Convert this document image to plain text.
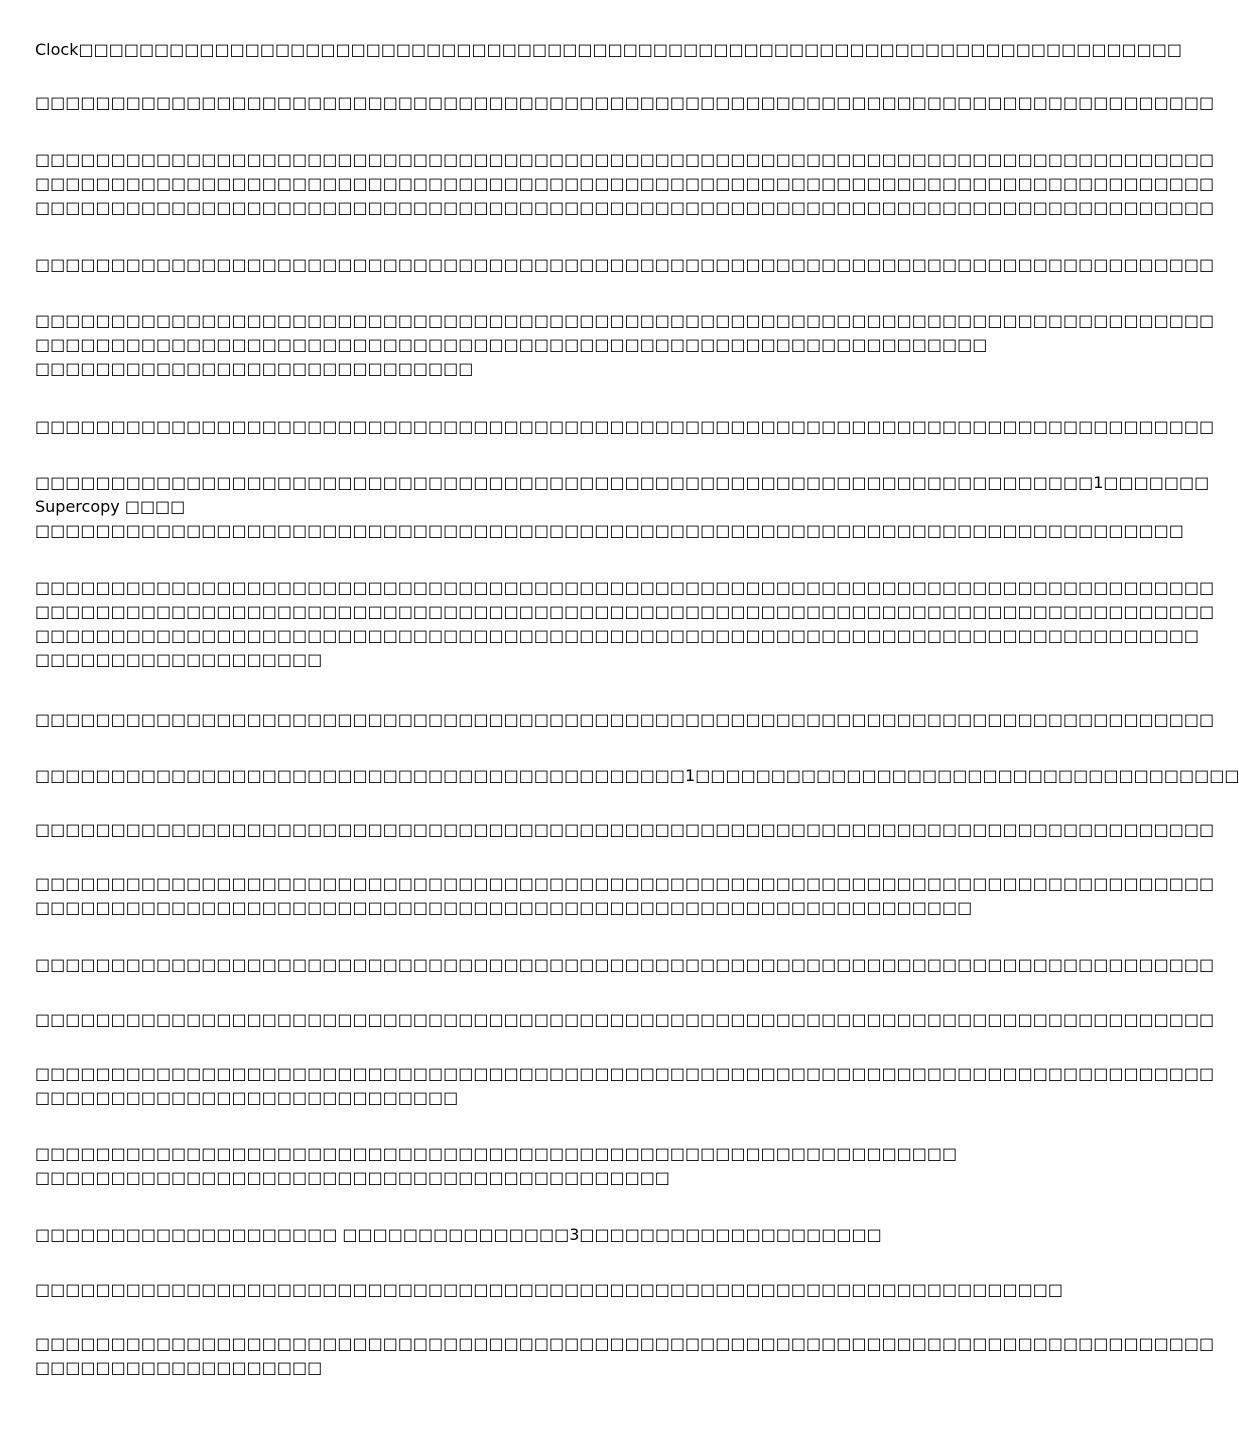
Clock□□□□□□□□□□□□□□□□□□□□□□□□□□□□□□□□□□□□□□□□□□□□□□□□□□□□□□□□□□□□□□□□□□□□□□□□□

□□□□□□□□□□□□□□□□□□□□□□□□□□□□□□□□□□□□□□□□□□□□□□□□□□□□□□□□□□□□□□□□□□□□□□□□□□□□□□

□□□□□□□□□□□□□□□□□□□□□□□□□□□□□□□□□□□□□□□□□□□□□□□□□□□□□□□□□□□□□□□□□□□□□□□□□□□□□□
□□□□□□□□□□□□□□□□□□□□□□□□□□□□□□□□□□□□□□□□□□□□□□□□□□□□□□□□□□□□□□□□□□□□□□□□□□□□□□
□□□□□□□□□□□□□□□□□□□□□□□□□□□□□□□□□□□□□□□□□□□□□□□□□□□□□□□□□□□□□□□□□□□□□□□□□□□□□□

□□□□□□□□□□□□□□□□□□□□□□□□□□□□□□□□□□□□□□□□□□□□□□□□□□□□□□□□□□□□□□□□□□□□□□□□□□□□□□

□□□□□□□□□□□□□□□□□□□□□□□□□□□□□□□□□□□□□□□□□□□□□□□□□□□□□□□□□□□□□□□□□□□□□□□□□□□□□□
□□□□□□□□□□□□□□□□□□□□□□□□□□□□□□□□□□□□□□□□□□□□□□□□□□□□□□□□□□□□□□□
□□□□□□□□□□□□□□□□□□□□□□□□□□□□□

□□□□□□□□□□□□□□□□□□□□□□□□□□□□□□□□□□□□□□□□□□□□□□□□□□□□□□□□□□□□□□□□□□□□□□□□□□□□□□

□□□□□□□□□□□□□□□□□□□□□□□□□□□□□□□□□□□□□□□□□□□□□□□□□□□□□□□□□□□□□□□□□□□□□□1□□□□□□□
Supercopy □□□□
□□□□□□□□□□□□□□□□□□□□□□□□□□□□□□□□□□□□□□□□□□□□□□□□□□□□□□□□□□□□□□□□□□□□□□□□□□□□

□□□□□□□□□□□□□□□□□□□□□□□□□□□□□□□□□□□□□□□□□□□□□□□□□□□□□□□□□□□□□□□□□□□□□□□□□□□□□□
□□□□□□□□□□□□□□□□□□□□□□□□□□□□□□□□□□□□□□□□□□□□□□□□□□□□□□□□□□□□□□□□□□□□□□□□□□□□□□
□□□□□□□□□□□□□□□□□□□□□□□□□□□□□□□□□□□□□□□□□□□□□□□□□□□□□□□□□□□□□□□□□□□□□□□□□□□□□
□□□□□□□□□□□□□□□□□□□

□□□□□□□□□□□□□□□□□□□□□□□□□□□□□□□□□□□□□□□□□□□□□□□□□□□□□□□□□□□□□□□□□□□□□□□□□□□□□□

□□□□□□□□□□□□□□□□□□□□□□□□□□□□□□□□□□□□□□□□□□□1□□□□□□□□□□□□□□□□□□□□□□□□□□□□□□□□□□□□

□□□□□□□□□□□□□□□□□□□□□□□□□□□□□□□□□□□□□□□□□□□□□□□□□□□□□□□□□□□□□□□□□□□□□□□□□□□□□□

□□□□□□□□□□□□□□□□□□□□□□□□□□□□□□□□□□□□□□□□□□□□□□□□□□□□□□□□□□□□□□□□□□□□□□□□□□□□□□
□□□□□□□□□□□□□□□□□□□□□□□□□□□□□□□□□□□□□□□□□□□□□□□□□□□□□□□□□□□□□□

□□□□□□□□□□□□□□□□□□□□□□□□□□□□□□□□□□□□□□□□□□□□□□□□□□□□□□□□□□□□□□□□□□□□□□□□□□□□□□

□□□□□□□□□□□□□□□□□□□□□□□□□□□□□□□□□□□□□□□□□□□□□□□□□□□□□□□□□□□□□□□□□□□□□□□□□□□□□□

□□□□□□□□□□□□□□□□□□□□□□□□□□□□□□□□□□□□□□□□□□□□□□□□□□□□□□□□□□□□□□□□□□□□□□□□□□□□□□
□□□□□□□□□□□□□□□□□□□□□□□□□□□□

□□□□□□□□□□□□□□□□□□□□□□□□□□□□□□□□□□□□□□□□□□□□□□□□□□□□□□□□□□□□□
□□□□□□□□□□□□□□□□□□□□□□□□□□□□□□□□□□□□□□□□□□

□□□□□□□□□□□□□□□□□□□□ □□□□□□□□□□□□□□□3□□□□□□□□□□□□□□□□□□□□

□□□□□□□□□□□□□□□□□□□□□□□□□□□□□□□□□□□□□□□□□□□□□□□□□□□□□□□□□□□□□□□□□□□□

□□□□□□□□□□□□□□□□□□□□□□□□□□□□□□□□□□□□□□□□□□□□□□□□□□□□□□□□□□□□□□□□□□□□□□□□□□□□□□
□□□□□□□□□□□□□□□□□□□
